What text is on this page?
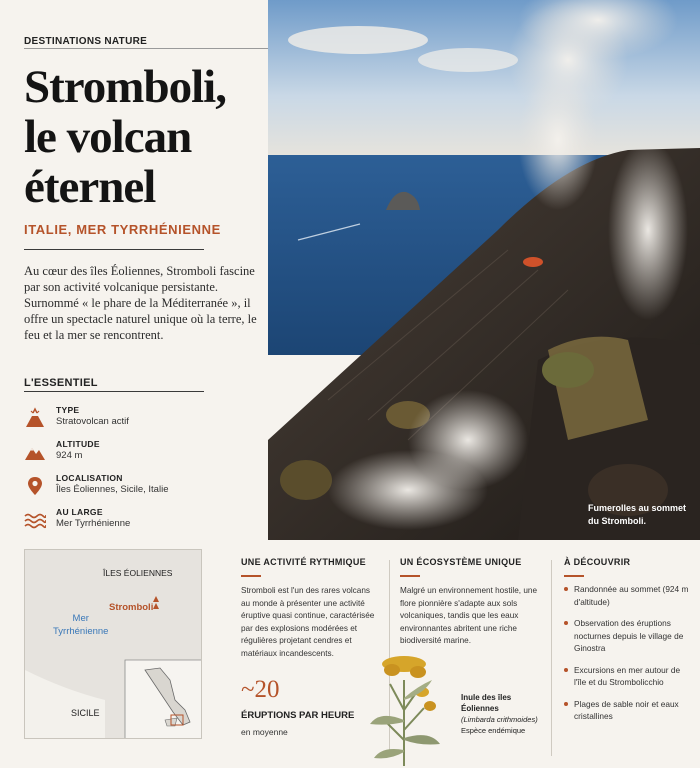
DESTINATIONS NATURE
Stromboli,
le volcan
éternel
ITALIE, MER TYRRHÉNIENNE

Au cœur des îles Éoliennes, Stromboli fascine par son activité volcanique persistante. Surnommé « le phare de la Méditerranée », il offre un spectacle naturel unique où la terre, le feu et la mer se rencontrent.

L'ESSENTIEL
TYPE
Stratovolcan actif
ALTITUDE
924 m
LOCALISATION
Îles Éoliennes, Sicile, Italie
AU LARGE
Mer Tyrrhénienne
Fumerolles au sommet
du Stromboli.
ÎLES ÉOLIENNES
Stromboli
Mer
Tyrrhénienne
SICILE
UNE ACTIVITÉ RYTHMIQUE

Stromboli est l'un des rares volcans au monde à présenter une activité éruptive quasi continue, caractérisée par des explosions modérées et régulières projetant cendres et matériaux incandescents.

~20
ÉRUPTIONS PAR HEURE
en moyenne
UN ÉCOSYSTÈME UNIQUE

Malgré un environnement hostile, une flore pionnière s'adapte aux sols volcaniques, tandis que les eaux environnantes abritent une riche biodiversité marine.

Inule des îles
Éoliennes
(Limbarda crithmoides)
Espèce endémique
À DÉCOUVRIR
Randonnée au sommet (924 m d'altitude)
Observation des éruptions nocturnes depuis le village de Ginostra
Excursions en mer autour de l'île et du Strombolicchio
Plages de sable noir et eaux cristallines
